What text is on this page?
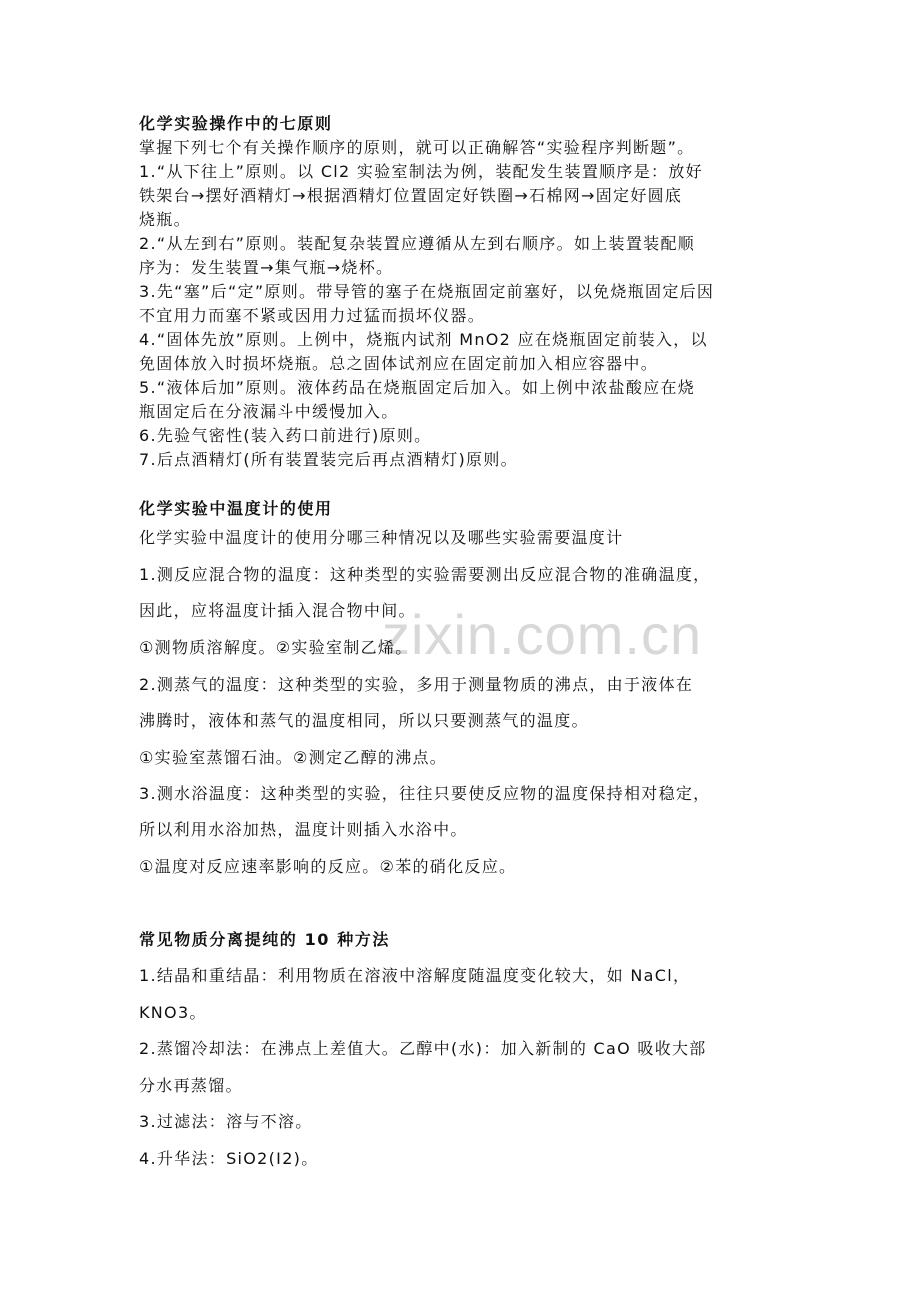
zixin.com.cn
化学实验操作中的七原则
掌握下列七个有关操作顺序的原则，就可以正确解答“实验程序判断题”。
1.“从下往上”原则。以 Cl2 实验室制法为例，装配发生装置顺序是：放好
铁架台→摆好酒精灯→根据酒精灯位置固定好铁圈→石棉网→固定好圆底
烧瓶。
2.“从左到右”原则。装配复杂装置应遵循从左到右顺序。如上装置装配顺
序为：发生装置→集气瓶→烧杯。
3.先“塞”后“定”原则。带导管的塞子在烧瓶固定前塞好，以免烧瓶固定后因
不宜用力而塞不紧或因用力过猛而损坏仪器。
4.“固体先放”原则。上例中，烧瓶内试剂 MnO2 应在烧瓶固定前装入，以
免固体放入时损坏烧瓶。总之固体试剂应在固定前加入相应容器中。
5.“液体后加”原则。液体药品在烧瓶固定后加入。如上例中浓盐酸应在烧
瓶固定后在分液漏斗中缓慢加入。
6.先验气密性(装入药口前进行)原则。
7.后点酒精灯(所有装置装完后再点酒精灯)原则。
化学实验中温度计的使用
化学实验中温度计的使用分哪三种情况以及哪些实验需要温度计
1.测反应混合物的温度：这种类型的实验需要测出反应混合物的准确温度，
因此，应将温度计插入混合物中间。
①测物质溶解度。②实验室制乙烯。
2.测蒸气的温度：这种类型的实验，多用于测量物质的沸点，由于液体在
沸腾时，液体和蒸气的温度相同，所以只要测蒸气的温度。
①实验室蒸馏石油。②测定乙醇的沸点。
3.测水浴温度：这种类型的实验，往往只要使反应物的温度保持相对稳定，
所以利用水浴加热，温度计则插入水浴中。
①温度对反应速率影响的反应。②苯的硝化反应。
常见物质分离提纯的 10 种方法
1.结晶和重结晶：利用物质在溶液中溶解度随温度变化较大，如 NaCl，
KNO3。
2.蒸馏冷却法：在沸点上差值大。乙醇中(水)：加入新制的 CaO 吸收大部
分水再蒸馏。
3.过滤法：溶与不溶。
4.升华法：SiO2(I2)。
